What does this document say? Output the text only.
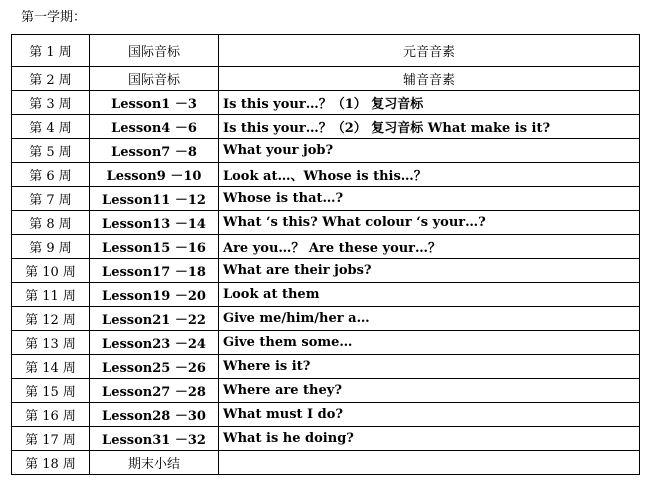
第一学期：
第 1 周	国际音标	元音音素
第 2 周	国际音标	辅音音素
第 3 周	Lesson1 －3	Is this your…？（1） 复习音标
第 4 周	Lesson4 －6	Is this your…？（2） 复习音标 What make is it?
第 5 周	Lesson7 －8	What your job?
第 6 周	Lesson9 －10	Look at…、Whose is this…？
第 7 周	Lesson11 －12	Whose is that…?
第 8 周	Lesson13 －14	What ‘s this? What colour ‘s your…?
第 9 周	Lesson15 －16	Are you…？ Are these your…？
第 10 周	Lesson17 －18	What are their jobs?
第 11 周	Lesson19 －20	Look at them
第 12 周	Lesson21 －22	Give me/him/her a…
第 13 周	Lesson23 －24	Give them some…
第 14 周	Lesson25 －26	Where is it?
第 15 周	Lesson27 －28	Where are they?
第 16 周	Lesson28 －30	What must I do?
第 17 周	Lesson31 －32	What is he doing?
第 18 周	期末小结	
